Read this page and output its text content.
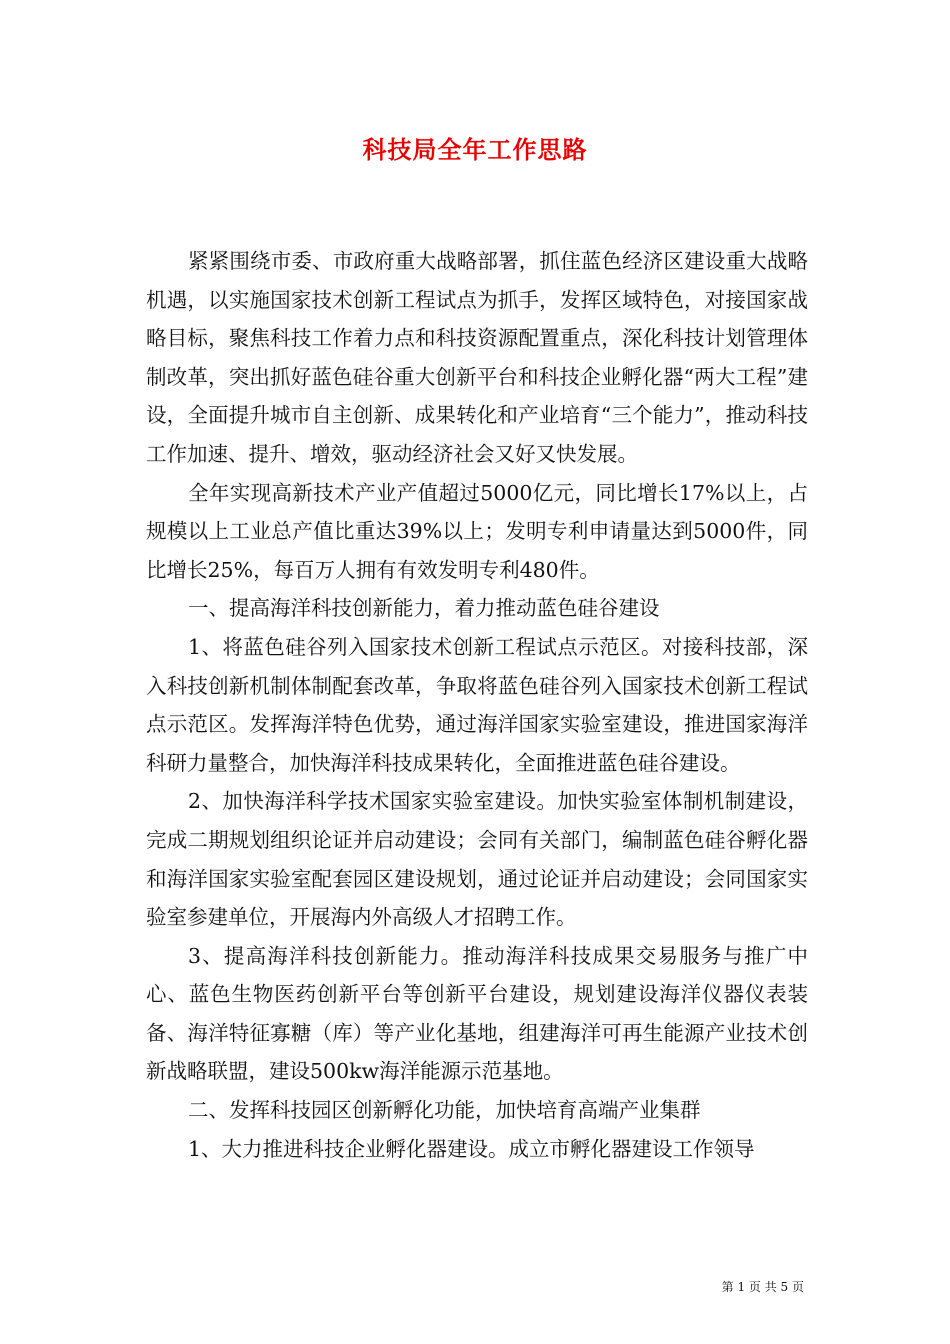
科技局全年工作思路

紧紧围绕市委、市政府重大战略部署，抓住蓝色经济区建设重大战略机遇，以实施国家技术创新工程试点为抓手，发挥区域特色，对接国家战略目标，聚焦科技工作着力点和科技资源配置重点，深化科技计划管理体制改革，突出抓好蓝色硅谷重大创新平台和科技企业孵化器“两大工程”建设，全面提升城市自主创新、成果转化和产业培育“三个能力”，推动科技工作加速、提升、增效，驱动经济社会又好又快发展。

全年实现高新技术产业产值超过5000亿元，同比增长17%以上，占规模以上工业总产值比重达39%以上；发明专利申请量达到5000件，同比增长25%，每百万人拥有有效发明专利480件。

一、提高海洋科技创新能力，着力推动蓝色硅谷建设

1、将蓝色硅谷列入国家技术创新工程试点示范区。对接科技部，深入科技创新机制体制配套改革，争取将蓝色硅谷列入国家技术创新工程试点示范区。发挥海洋特色优势，通过海洋国家实验室建设，推进国家海洋科研力量整合，加快海洋科技成果转化，全面推进蓝色硅谷建设。

2、加快海洋科学技术国家实验室建设。加快实验室体制机制建设，完成二期规划组织论证并启动建设；会同有关部门，编制蓝色硅谷孵化器和海洋国家实验室配套园区建设规划，通过论证并启动建设；会同国家实验室参建单位，开展海内外高级人才招聘工作。

3、提高海洋科技创新能力。推动海洋科技成果交易服务与推广中心、蓝色生物医药创新平台等创新平台建设，规划建设海洋仪器仪表装备、海洋特征寡糖（库）等产业化基地，组建海洋可再生能源产业技术创新战略联盟，建设500kw海洋能源示范基地。

二、发挥科技园区创新孵化功能，加快培育高端产业集群

1、大力推进科技企业孵化器建设。成立市孵化器建设工作领导

第 1 页 共 5 页
